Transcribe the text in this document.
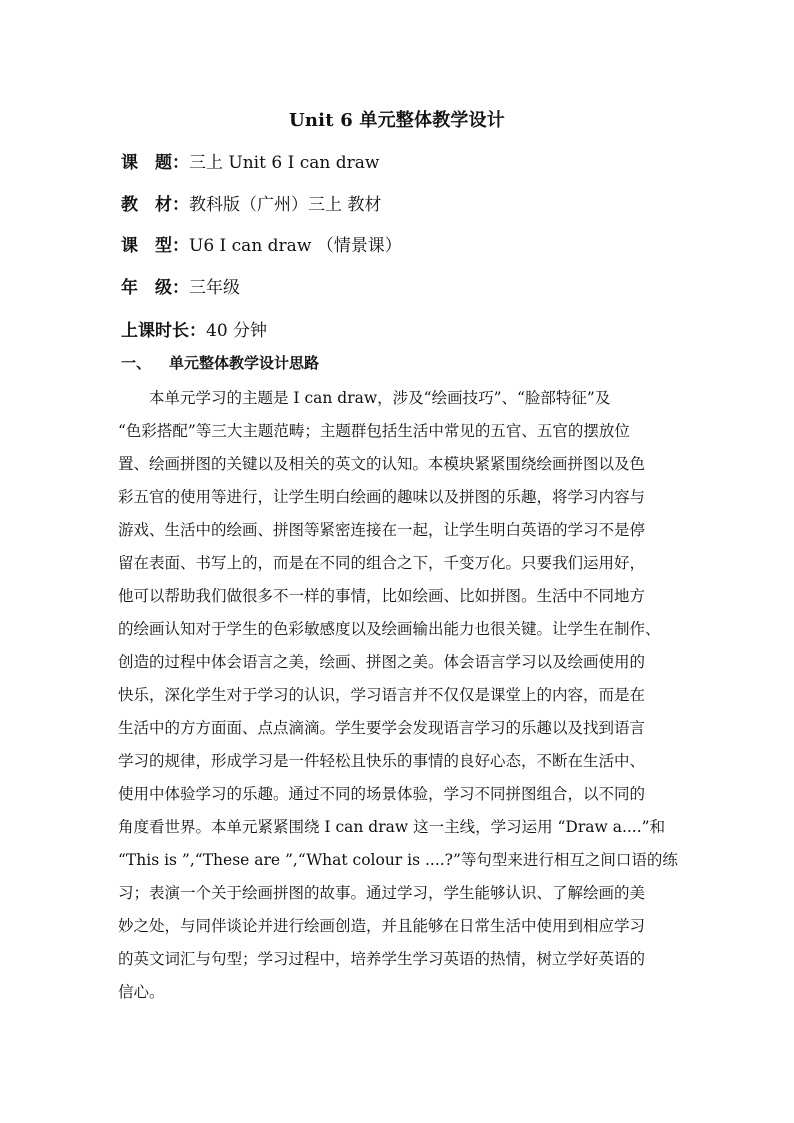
Unit 6 单元整体教学设计
课　题：三上 Unit 6 I can draw
教　材：教科版（广州）三上 教材
课　型：U6 I can draw （情景课）
年　级：三年级
上课时长：40 分钟
一、 单元整体教学设计思路
　　本单元学习的主题是 I can draw，涉及“绘画技巧”、“脸部特征”及
“色彩搭配”等三大主题范畴；主题群包括生活中常见的五官、五官的摆放位
置、绘画拼图的关键以及相关的英文的认知。本模块紧紧围绕绘画拼图以及色
彩五官的使用等进行，让学生明白绘画的趣味以及拼图的乐趣，将学习内容与
游戏、生活中的绘画、拼图等紧密连接在一起，让学生明白英语的学习不是停
留在表面、书写上的，而是在不同的组合之下，千变万化。只要我们运用好，
他可以帮助我们做很多不一样的事情，比如绘画、比如拼图。生活中不同地方
的绘画认知对于学生的色彩敏感度以及绘画输出能力也很关键。让学生在制作、
创造的过程中体会语言之美，绘画、拼图之美。体会语言学习以及绘画使用的
快乐，深化学生对于学习的认识，学习语言并不仅仅是课堂上的内容，而是在
生活中的方方面面、点点滴滴。学生要学会发现语言学习的乐趣以及找到语言
学习的规律，形成学习是一件轻松且快乐的事情的良好心态，不断在生活中、
使用中体验学习的乐趣。通过不同的场景体验，学习不同拼图组合，以不同的
角度看世界。本单元紧紧围绕 I can draw 这一主线，学习运用 “Draw a....”和
“This is ”,“These are ”,“What colour is ....?”等句型来进行相互之间口语的练
习；表演一个关于绘画拼图的故事。通过学习，学生能够认识、了解绘画的美
妙之处，与同伴谈论并进行绘画创造，并且能够在日常生活中使用到相应学习
的英文词汇与句型；学习过程中，培养学生学习英语的热情，树立学好英语的
信心。
